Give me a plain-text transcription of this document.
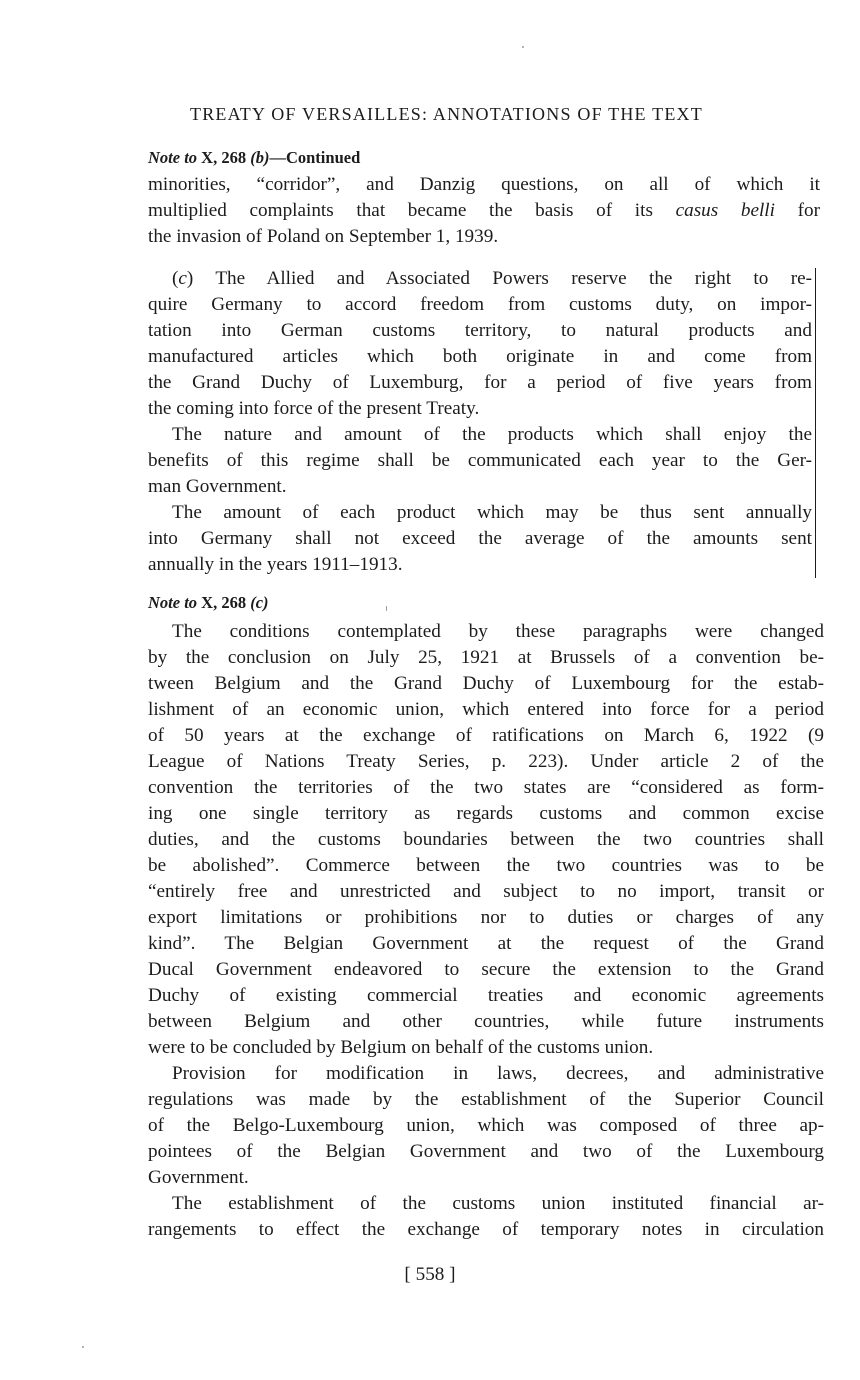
TREATY OF VERSAILLES: ANNOTATIONS OF THE TEXT
Note to X, 268 (b)—Continued

minorities, “corridor”, and Danzig questions, on all of which it

multiplied complaints that became the basis of its casus belli for

the invasion of Poland on September 1, 1939.

(c) The Allied and Associated Powers reserve the right to re-

quire Germany to accord freedom from customs duty, on impor-

tation into German customs territory, to natural products and

manufactured articles which both originate in and come from

the Grand Duchy of Luxemburg, for a period of five years from

the coming into force of the present Treaty.

The nature and amount of the products which shall enjoy the

benefits of this regime shall be communicated each year to the Ger-

man Government.

The amount of each product which may be thus sent annually

into Germany shall not exceed the average of the amounts sent

annually in the years 1911–1913.

Note to X, 268 (c)

The conditions contemplated by these paragraphs were changed

by the conclusion on July 25, 1921 at Brussels of a convention be-

tween Belgium and the Grand Duchy of Luxembourg for the estab-

lishment of an economic union, which entered into force for a period

of 50 years at the exchange of ratifications on March 6, 1922 (9

League of Nations Treaty Series, p. 223). Under article 2 of the

convention the territories of the two states are “considered as form-

ing one single territory as regards customs and common excise

duties, and the customs boundaries between the two countries shall

be abolished”. Commerce between the two countries was to be

“entirely free and unrestricted and subject to no import, transit or

export limitations or prohibitions nor to duties or charges of any

kind”. The Belgian Government at the request of the Grand

Ducal Government endeavored to secure the extension to the Grand

Duchy of existing commercial treaties and economic agreements

between Belgium and other countries, while future instruments

were to be concluded by Belgium on behalf of the customs union.

Provision for modification in laws, decrees, and administrative

regulations was made by the establishment of the Superior Council

of the Belgo-Luxembourg union, which was composed of three ap-

pointees of the Belgian Government and two of the Luxembourg

Government.

The establishment of the customs union instituted financial ar-

rangements to effect the exchange of temporary notes in circulation

[ 558 ]
